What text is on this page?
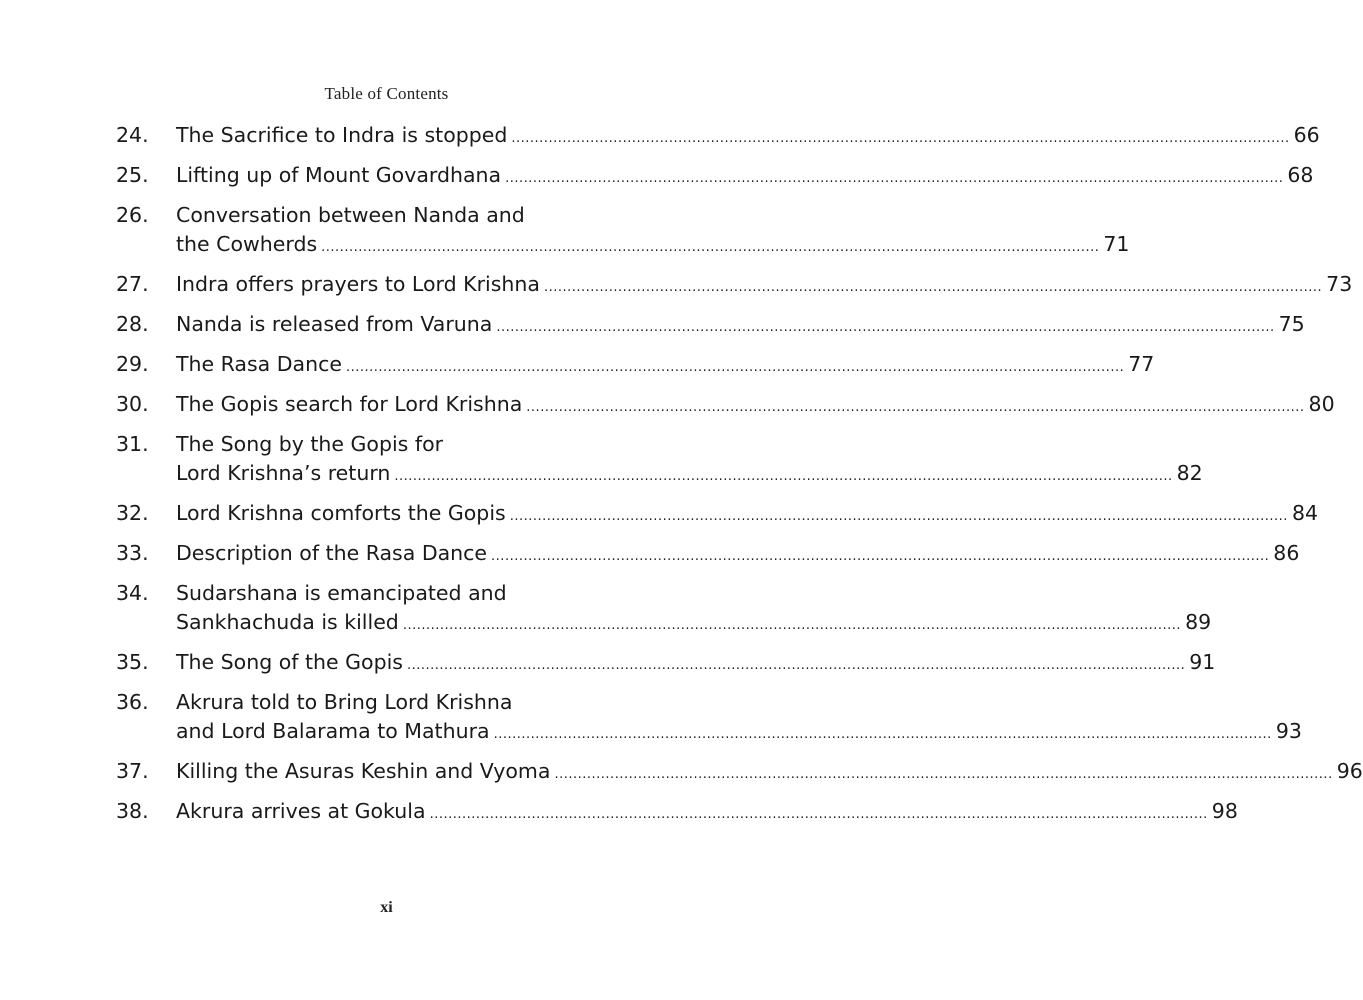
Table of Contents
24.	The Sacrifice to Indra is stopped .....	66
25.	Lifting up of Mount Govardhana .....	68
26.	Conversation between Nanda and
the Cowherds .....	71
27.	Indra offers prayers to Lord Krishna .....	73
28.	Nanda is released from Varuna .....	75
29.	The Rasa Dance .....	77
30.	The Gopis search for Lord Krishna .....	80
31.	The Song by the Gopis for
Lord Krishna’s return .....	82
32.	Lord Krishna comforts the Gopis .....	84
33.	Description of the Rasa Dance .....	86
34.	Sudarshana is emancipated and
Sankhachuda is killed .....	89
35.	The Song of the Gopis .....	91
36.	Akrura told to Bring Lord Krishna
and Lord Balarama to Mathura .....	93
37.	Killing the Asuras Keshin and Vyoma .....	96
38.	Akrura arrives at Gokula .....	98
xi
